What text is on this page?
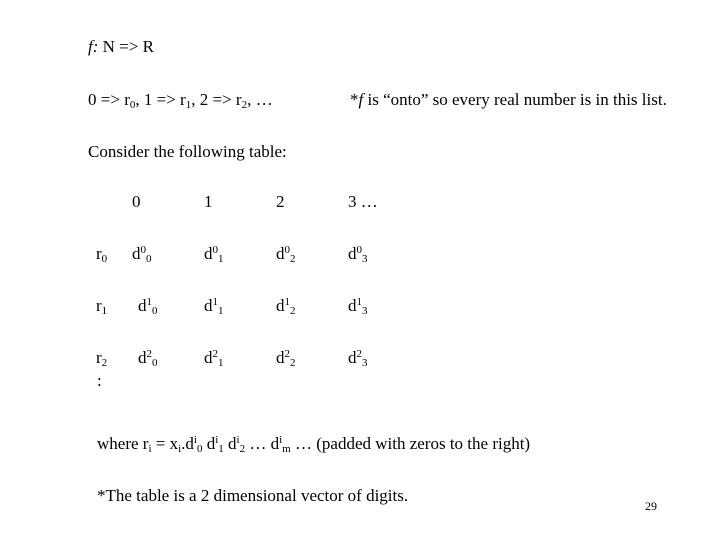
f: N => R
$0 => r_0$, $1 => r_1$, $2 => r_2$, …	*f is “onto” so every real number is in this list.
Consider the following table:
0	1	2	3 …
$r_0$ $d^0_0$	$d^0_1$	$d^0_2$	$d^0_3$
$r_1$ $d^1_0$	$d^1_1$	$d^1_2$	$d^1_3$
$r_2$ $d^2_0$	$d^2_1$	$d^2_2$	$d^2_3$
:
where $r_i = x_i.d^i_0$ $d^i_1$ $d^i_2$ … $d^i_m$ … (padded with zeros to the right)
*The table is a 2 dimensional vector of digits.
29
